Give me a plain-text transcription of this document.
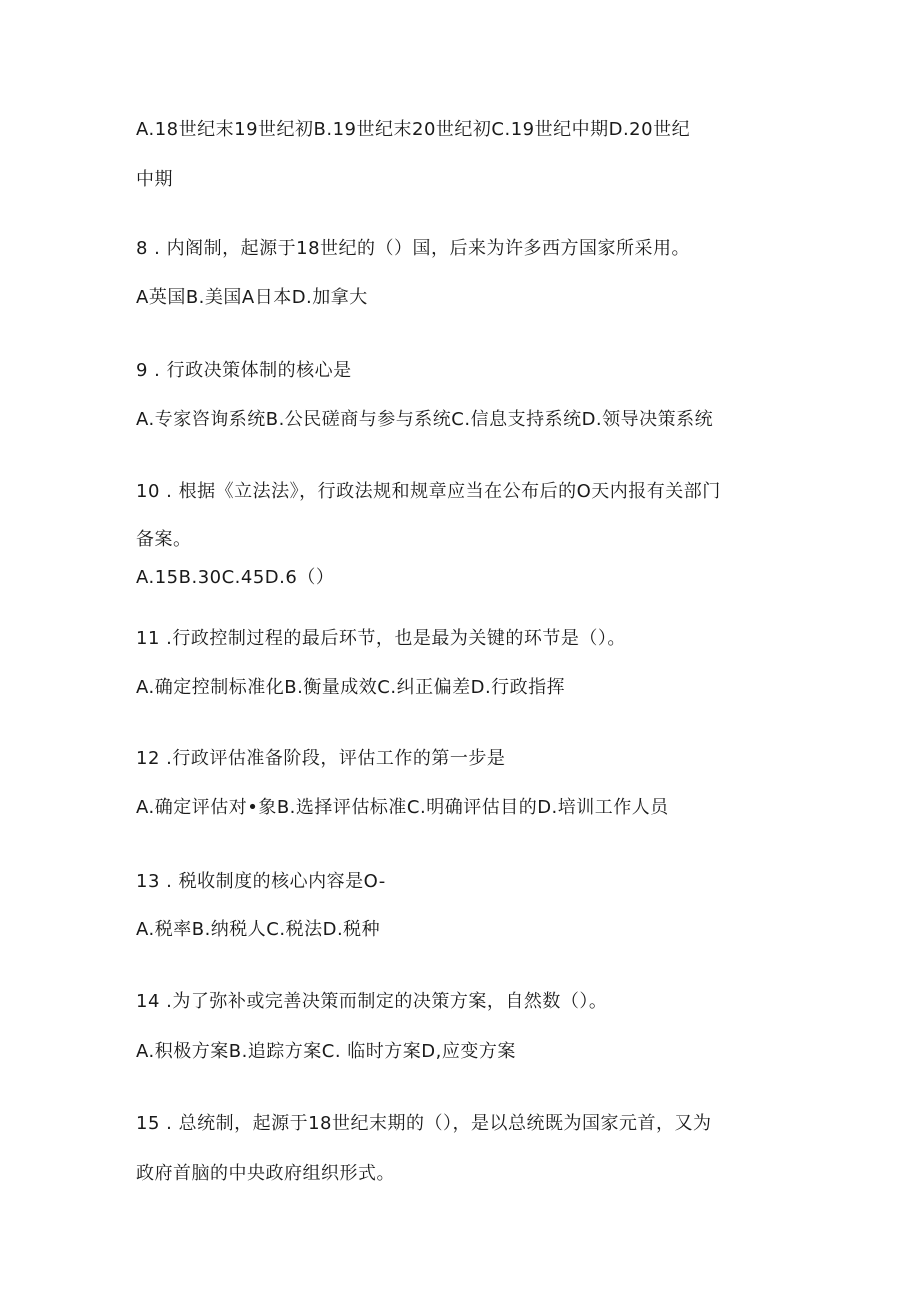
A.18世纪末19世纪初B.19世纪末20世纪初C.19世纪中期D.20世纪
中期
8 . 内阁制，起源于18世纪的（）国，后来为许多西方国家所采用。
A英国B.美国A日本D.加拿大
9 . 行政决策体制的核心是
A.专家咨询系统B.公民磋商与参与系统C.信息支持系统D.领导决策系统
10 . 根据《立法法》，行政法规和规章应当在公布后的O天内报有关部门
备案。
A.15B.30C.45D.6（）
11 .行政控制过程的最后环节，也是最为关键的环节是（）。
A.确定控制标准化B.衡量成效C.纠正偏差D.行政指挥
12 .行政评估准备阶段，评估工作的第一步是
A.确定评估对•象B.选择评估标准C.明确评估目的D.培训工作人员
13 . 税收制度的核心内容是O-
A.税率B.纳税人C.税法D.税种
14 .为了弥补或完善决策而制定的决策方案，自然数（）。
A.积极方案B.追踪方案C. 临时方案D,应变方案
15 . 总统制，起源于18世纪末期的（），是以总统既为国家元首，又为
政府首脑的中央政府组织形式。
